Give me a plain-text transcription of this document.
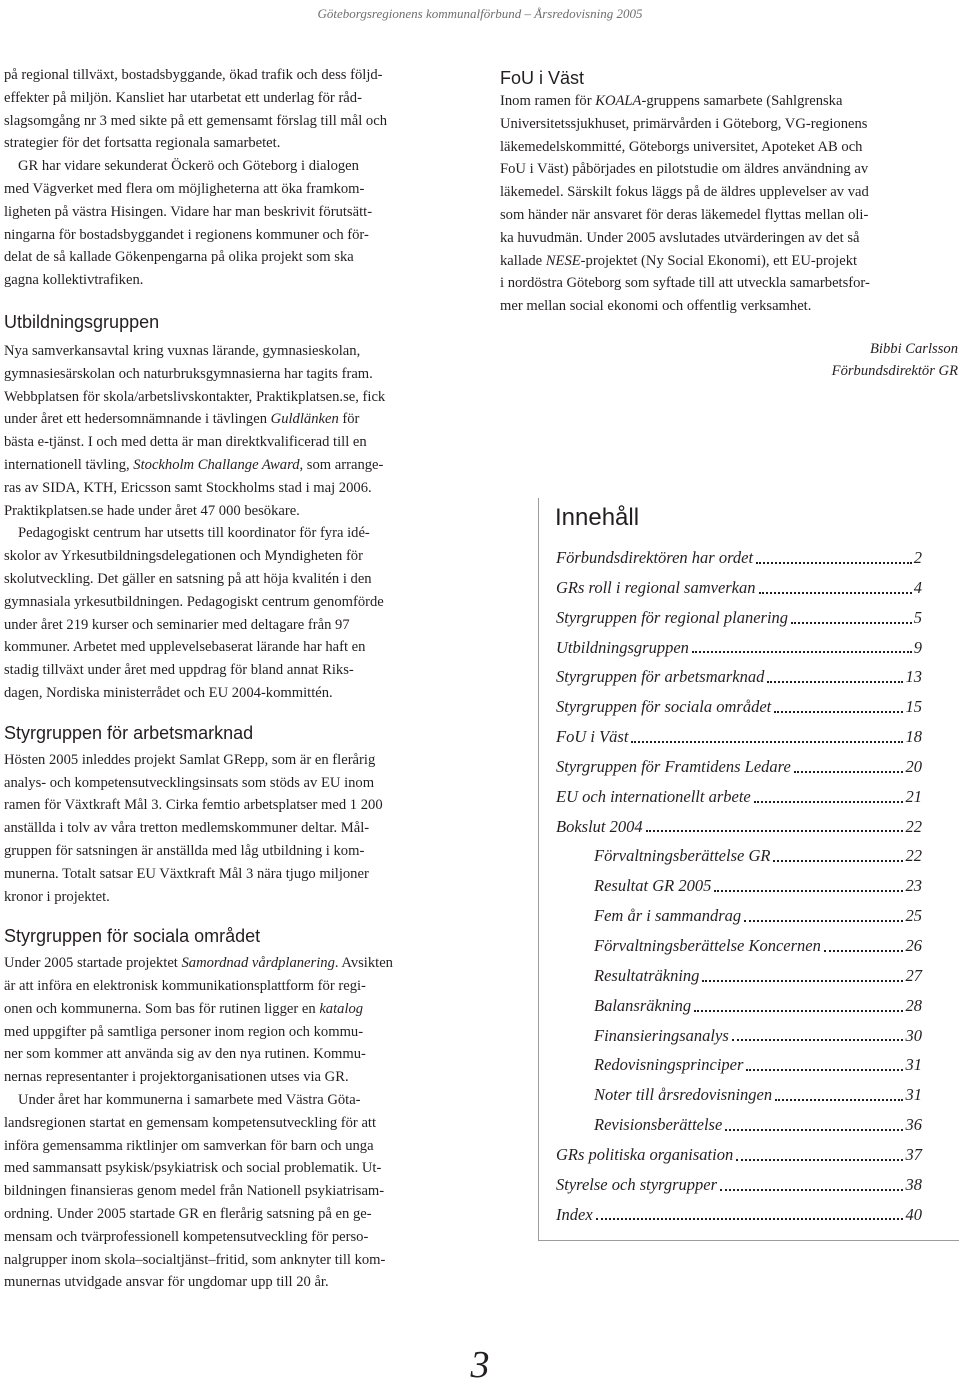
Göteborgsregionens kommunalförbund – Årsredovisning 2005

på regional tillväxt, bostadsbyggande, ökad trafik och dess följd-
effekter på miljön. Kansliet har utarbetat ett underlag för råd-
slagsomgång nr 3 med sikte på ett gemensamt förslag till mål och
strategier för det fortsatta regionala samarbetet.

GR har vidare sekunderat Öckerö och Göteborg i dialogen
med Vägverket med flera om möjligheterna att öka framkom-
ligheten på västra Hisingen. Vidare har man beskrivit förutsätt-
ningarna för bostadsbyggandet i regionens kommuner och för-
delat de så kallade Gökenpengarna på olika projekt som ska
gagna kollektivtrafiken.

Utbildningsgruppen

Nya samverkansavtal kring vuxnas lärande, gymnasieskolan,
gymnasiesärskolan och naturbruksgymnasierna har tagits fram.
Webbplatsen för skola/arbetslivskontakter, Praktikplatsen.se, fick
under året ett hedersomnämnande i tävlingen Guldlänken för
bästa e-tjänst. I och med detta är man direktkvalificerad till en
internationell tävling, Stockholm Challange Award, som arrange-
ras av SIDA, KTH, Ericsson samt Stockholms stad i maj 2006.
Praktikplatsen.se hade under året 47 000 besökare.

Pedagogiskt centrum har utsetts till koordinator för fyra idé-
skolor av Yrkesutbildningsdelegationen och Myndigheten för
skolutveckling. Det gäller en satsning på att höja kvalitén i den
gymnasiala yrkesutbildningen. Pedagogiskt centrum genomförde
under året 219 kurser och seminarier med deltagare från 97
kommuner. Arbetet med upplevelsebaserat lärande har haft en
stadig tillväxt under året med uppdrag för bland annat Riks-
dagen, Nordiska ministerrådet och EU 2004-kommittén.

Styrgruppen för arbetsmarknad

Hösten 2005 inleddes projekt Samlat GRepp, som är en flerårig
analys- och kompetensutvecklingsinsats som stöds av EU inom
ramen för Växtkraft Mål 3. Cirka femtio arbetsplatser med 1 200
anställda i tolv av våra tretton medlemskommuner deltar. Mål-
gruppen för satsningen är anställda med låg utbildning i kom-
munerna. Totalt satsar EU Växtkraft Mål 3 nära tjugo miljoner
kronor i projektet.

Styrgruppen för sociala området

Under 2005 startade projektet Samordnad vårdplanering. Avsikten
är att införa en elektronisk kommunikationsplattform för regi-
onen och kommunerna. Som bas för rutinen ligger en katalog
med uppgifter på samtliga personer inom region och kommu-
ner som kommer att använda sig av den nya rutinen. Kommu-
nernas representanter i projektorganisationen utses via GR.

Under året har kommunerna i samarbete med Västra Göta-
landsregionen startat en gemensam kompetensutveckling för att
införa gemensamma riktlinjer om samverkan för barn och unga
med sammansatt psykisk/psykiatrisk och social problematik. Ut-
bildningen finansieras genom medel från Nationell psykiatrisam-
ordning. Under 2005 startade GR en flerårig satsning på en ge-
mensam och tvärprofessionell kompetensutveckling för perso-
nalgrupper inom skola–socialtjänst–fritid, som anknyter till kom-
munernas utvidgade ansvar för ungdomar upp till 20 år.

FoU i Väst

Inom ramen för KOALA-gruppens samarbete (Sahlgrenska
Universitetssjukhuset, primärvården i Göteborg, VG-regionens
läkemedelskommitté, Göteborgs universitet, Apoteket AB och
FoU i Väst) påbörjades en pilotstudie om äldres användning av
läkemedel. Särskilt fokus läggs på de äldres upplevelser av vad
som händer när ansvaret för deras läkemedel flyttas mellan oli-
ka huvudmän. Under 2005 avslutades utvärderingen av det så
kallade NESE-projektet (Ny Social Ekonomi), ett EU-projekt
i nordöstra Göteborg som syftade till att utveckla samarbetsfor-
mer mellan social ekonomi och offentlig verksamhet.

Bibbi Carlsson
Förbundsdirektör GR
Innehåll
Förbundsdirektören har ordet	2
GRs roll i regional samverkan	4
Styrgruppen för regional planering	5
Utbildningsgruppen	9
Styrgruppen för arbetsmarknad	13
Styrgruppen för sociala området	15
FoU i Väst	18
Styrgruppen för Framtidens Ledare	20
EU och internationellt arbete	21
Bokslut 2004	22
Förvaltningsberättelse GR	22
Resultat GR 2005	23
Fem år i sammandrag	25
Förvaltningsberättelse Koncernen	26
Resultaträkning	27
Balansräkning	28
Finansieringsanalys	30
Redovisningsprinciper	31
Noter till årsredovisningen	31
Revisionsberättelse	36
GRs politiska organisation	37
Styrelse och styrgrupper	38
Index	40
3
